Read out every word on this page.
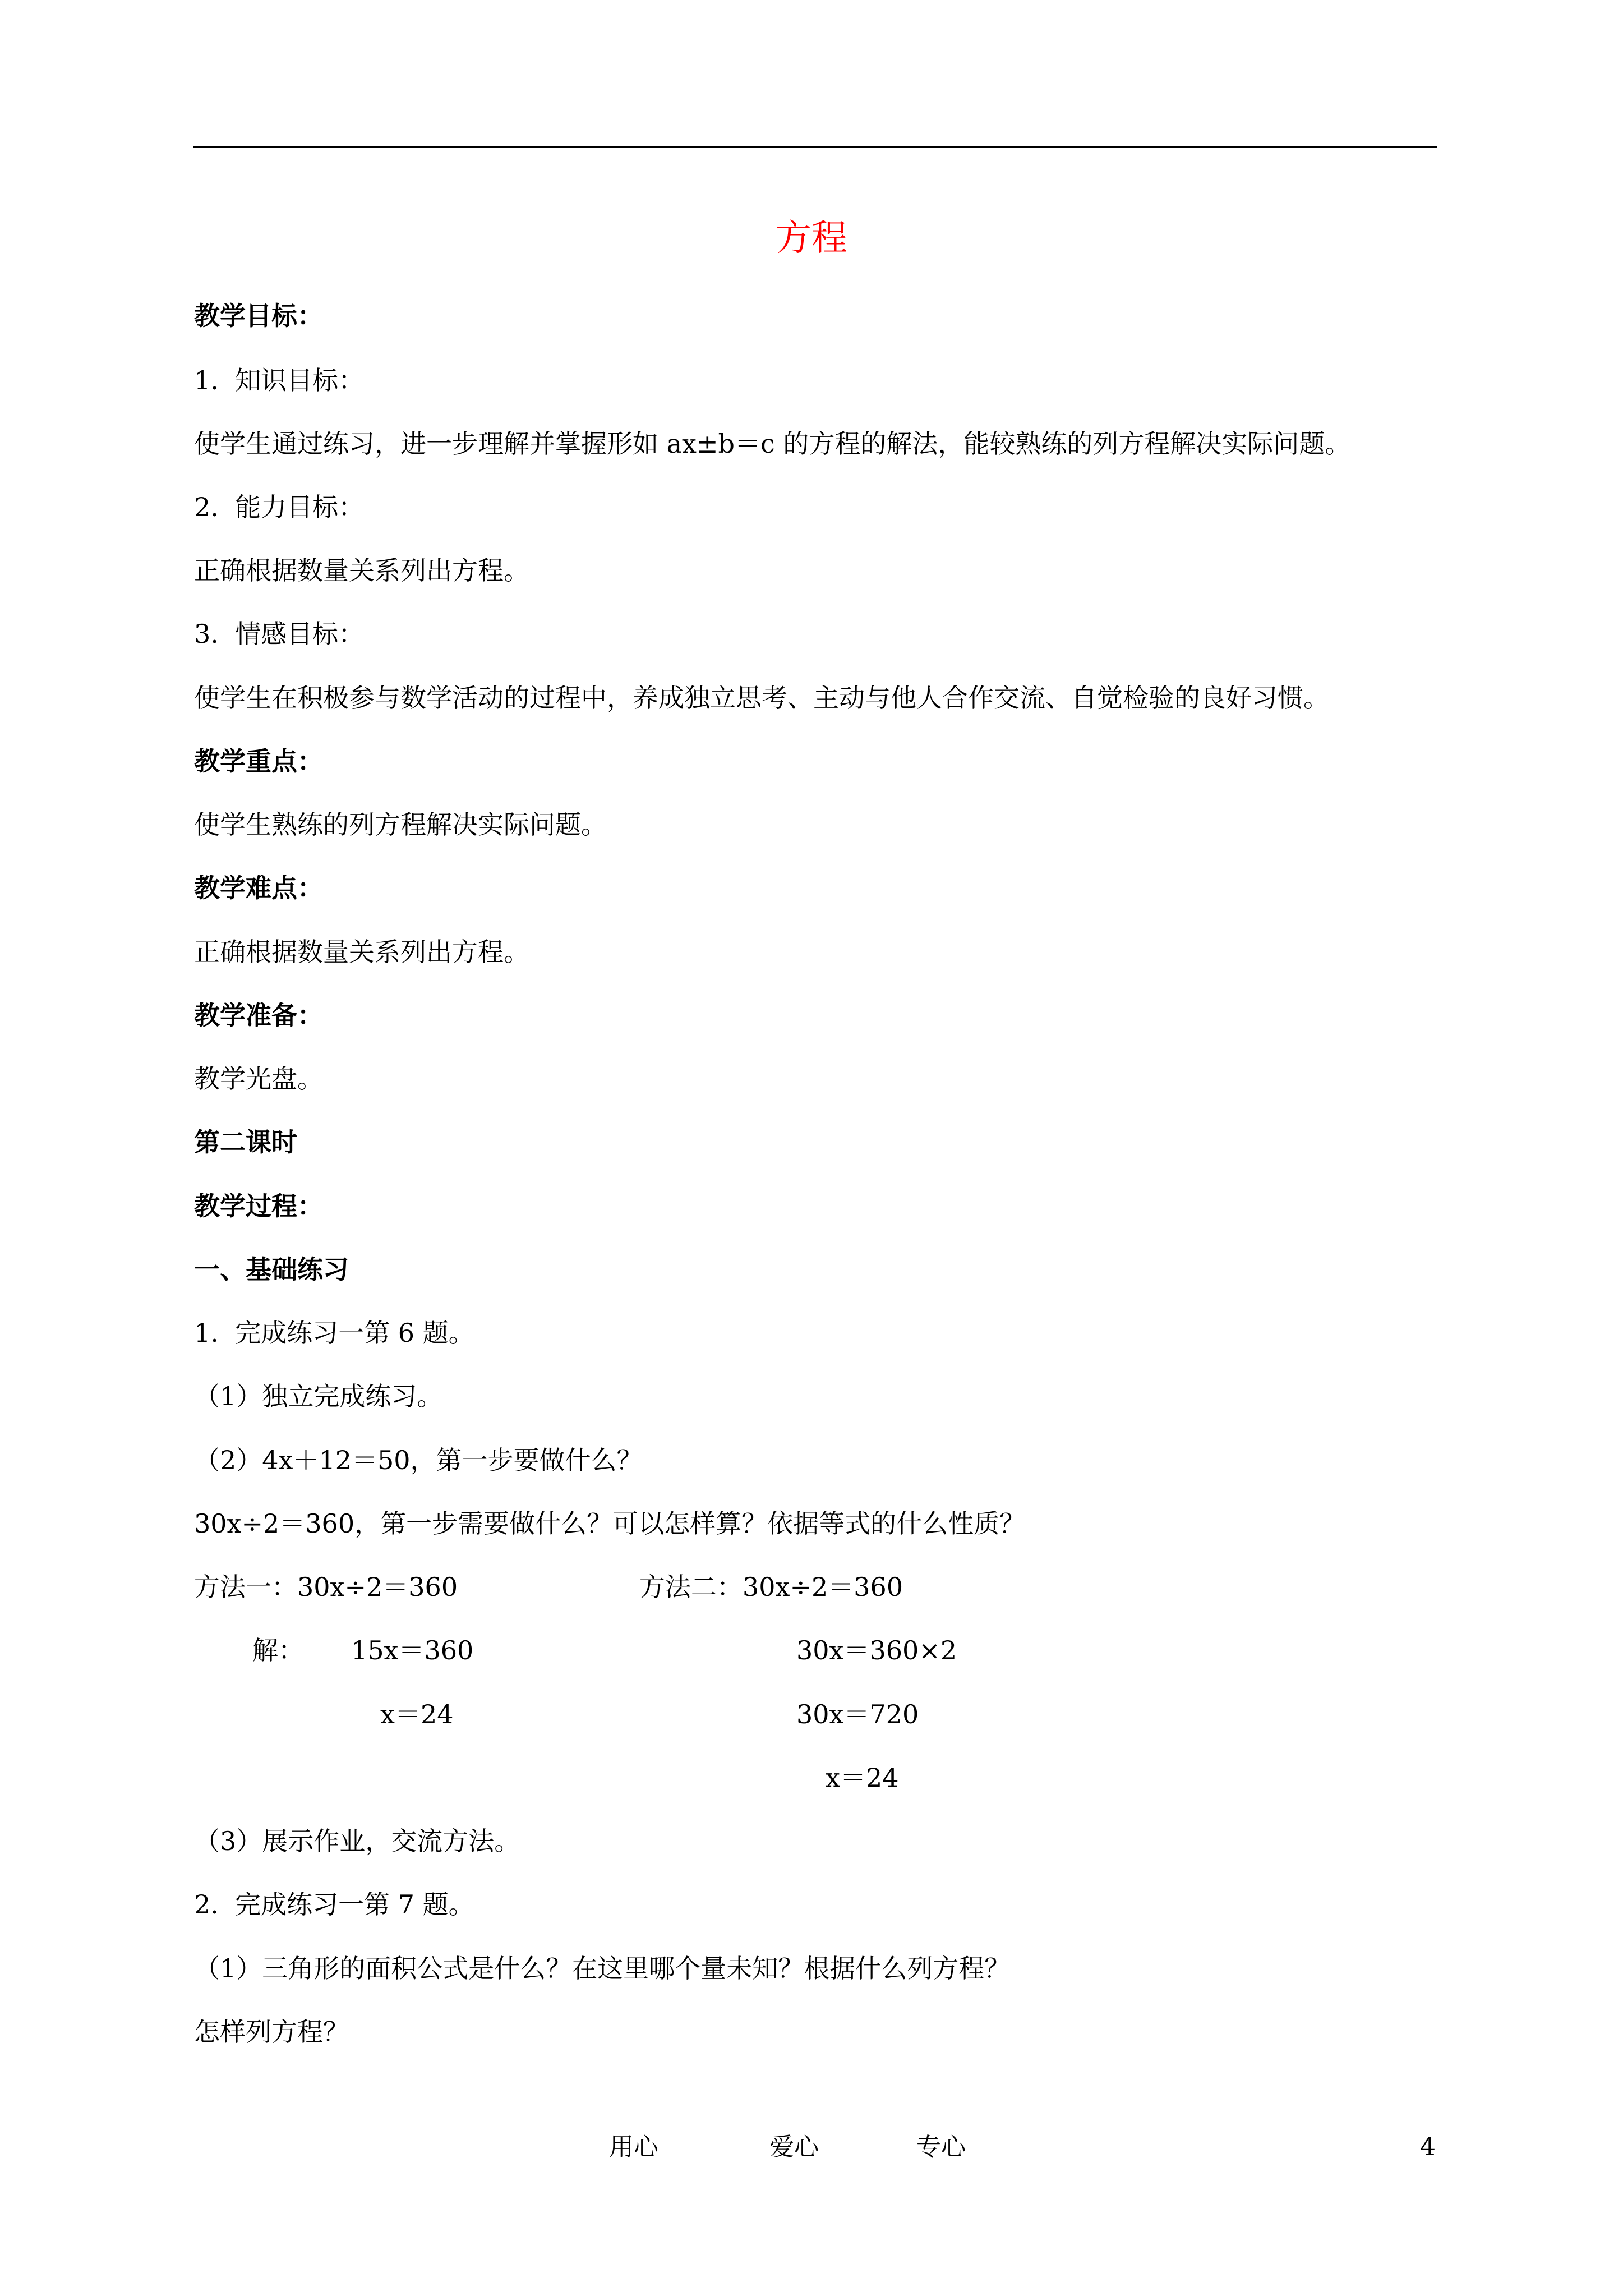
方程
教学目标：
1.  知识目标：
使学生通过练习，进一步理解并掌握形如 ax±b＝c 的方程的解法，能较熟练的列方程解决实际问题。
2.  能力目标：
正确根据数量关系列出方程。
3.  情感目标：
使学生在积极参与数学活动的过程中，养成独立思考、主动与他人合作交流、自觉检验的良好习惯。
教学重点：
使学生熟练的列方程解决实际问题。
教学难点：
正确根据数量关系列出方程。
教学准备：
教学光盘。
第二课时
教学过程：
一、基础练习
1.  完成练习一第 6 题。
（1）独立完成练习。
（2）4x＋12＝50，第一步要做什么？
30x÷2＝360，第一步需要做什么？可以怎样算？依据等式的什么性质？
方法一：30x÷2＝360	方法二：30x÷2＝360
解： 15x＝360	30x＝360×2
x＝24	30x＝720
x＝24
（3）展示作业，交流方法。
2.  完成练习一第 7 题。
（1）三角形的面积公式是什么？在这里哪个量未知？根据什么列方程？
怎样列方程？
用心	爱心	专心	4
